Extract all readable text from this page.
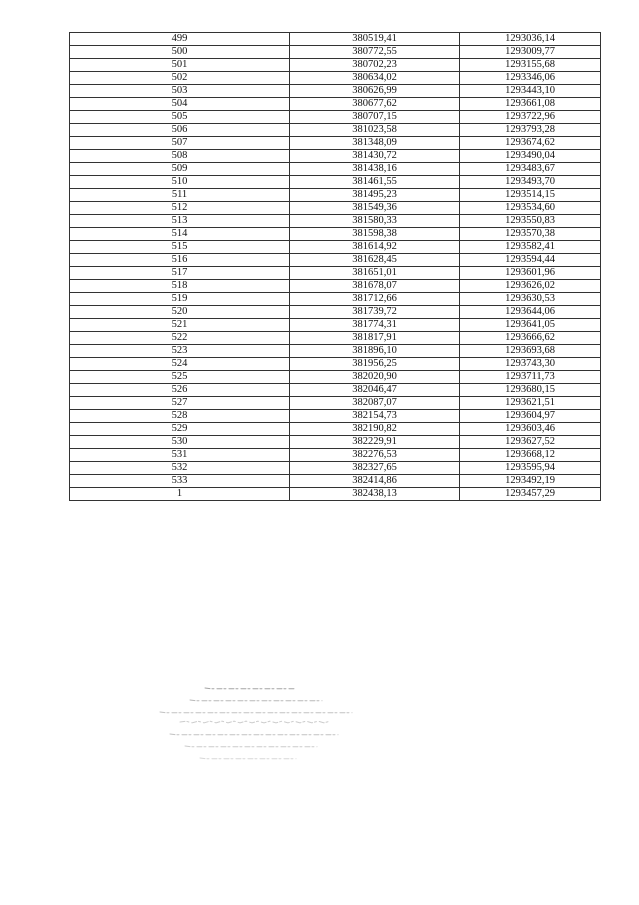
499	380519,41	1293036,14
500	380772,55	1293009,77
501	380702,23	1293155,68
502	380634,02	1293346,06
503	380626,99	1293443,10
504	380677,62	1293661,08
505	380707,15	1293722,96
506	381023,58	1293793,28
507	381348,09	1293674,62
508	381430,72	1293490,04
509	381438,16	1293483,67
510	381461,55	1293493,70
511	381495,23	1293514,15
512	381549,36	1293534,60
513	381580,33	1293550,83
514	381598,38	1293570,38
515	381614,92	1293582,41
516	381628,45	1293594,44
517	381651,01	1293601,96
518	381678,07	1293626,02
519	381712,66	1293630,53
520	381739,72	1293644,06
521	381774,31	1293641,05
522	381817,91	1293666,62
523	381896,10	1293693,68
524	381956,25	1293743,30
525	382020,90	1293711,73
526	382046,47	1293680,15
527	382087,07	1293621,51
528	382154,73	1293604,97
529	382190,82	1293603,46
530	382229,91	1293627,52
531	382276,53	1293668,12
532	382327,65	1293595,94
533	382414,86	1293492,19
1	382438,13	1293457,29
